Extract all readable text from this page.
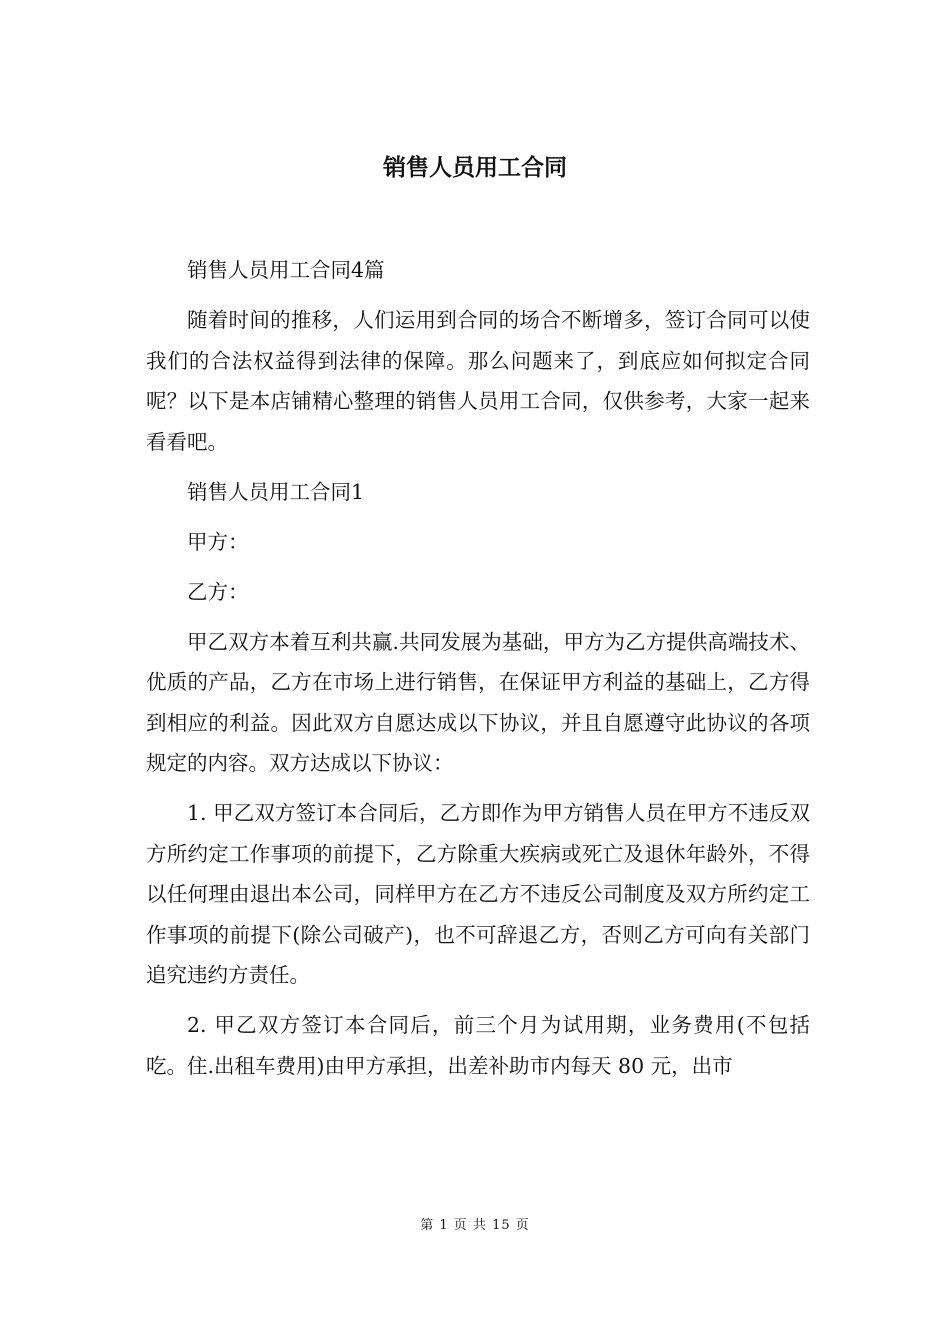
销售人员用工合同

销售人员用工合同4篇

随着时间的推移，人们运用到合同的场合不断增多，签订合同可以使我们的合法权益得到法律的保障。那么问题来了，到底应如何拟定合同呢？以下是本店铺精心整理的销售人员用工合同，仅供参考，大家一起来看看吧。

销售人员用工合同1

甲方：

乙方：

甲乙双方本着互利共赢.共同发展为基础，甲方为乙方提供高端技术、优质的产品，乙方在市场上进行销售，在保证甲方利益的基础上，乙方得到相应的利益。因此双方自愿达成以下协议，并且自愿遵守此协议的各项规定的内容。双方达成以下协议：

1. 甲乙双方签订本合同后，乙方即作为甲方销售人员在甲方不违反双方所约定工作事项的前提下，乙方除重大疾病或死亡及退休年龄外，不得以任何理由退出本公司，同样甲方在乙方不违反公司制度及双方所约定工作事项的前提下(除公司破产)，也不可辞退乙方，否则乙方可向有关部门追究违约方责任。

2. 甲乙双方签订本合同后，前三个月为试用期，业务费用(不包括吃。住.出租车费用)由甲方承担，出差补助市内每天 80 元，出市

第 1 页 共 15 页
